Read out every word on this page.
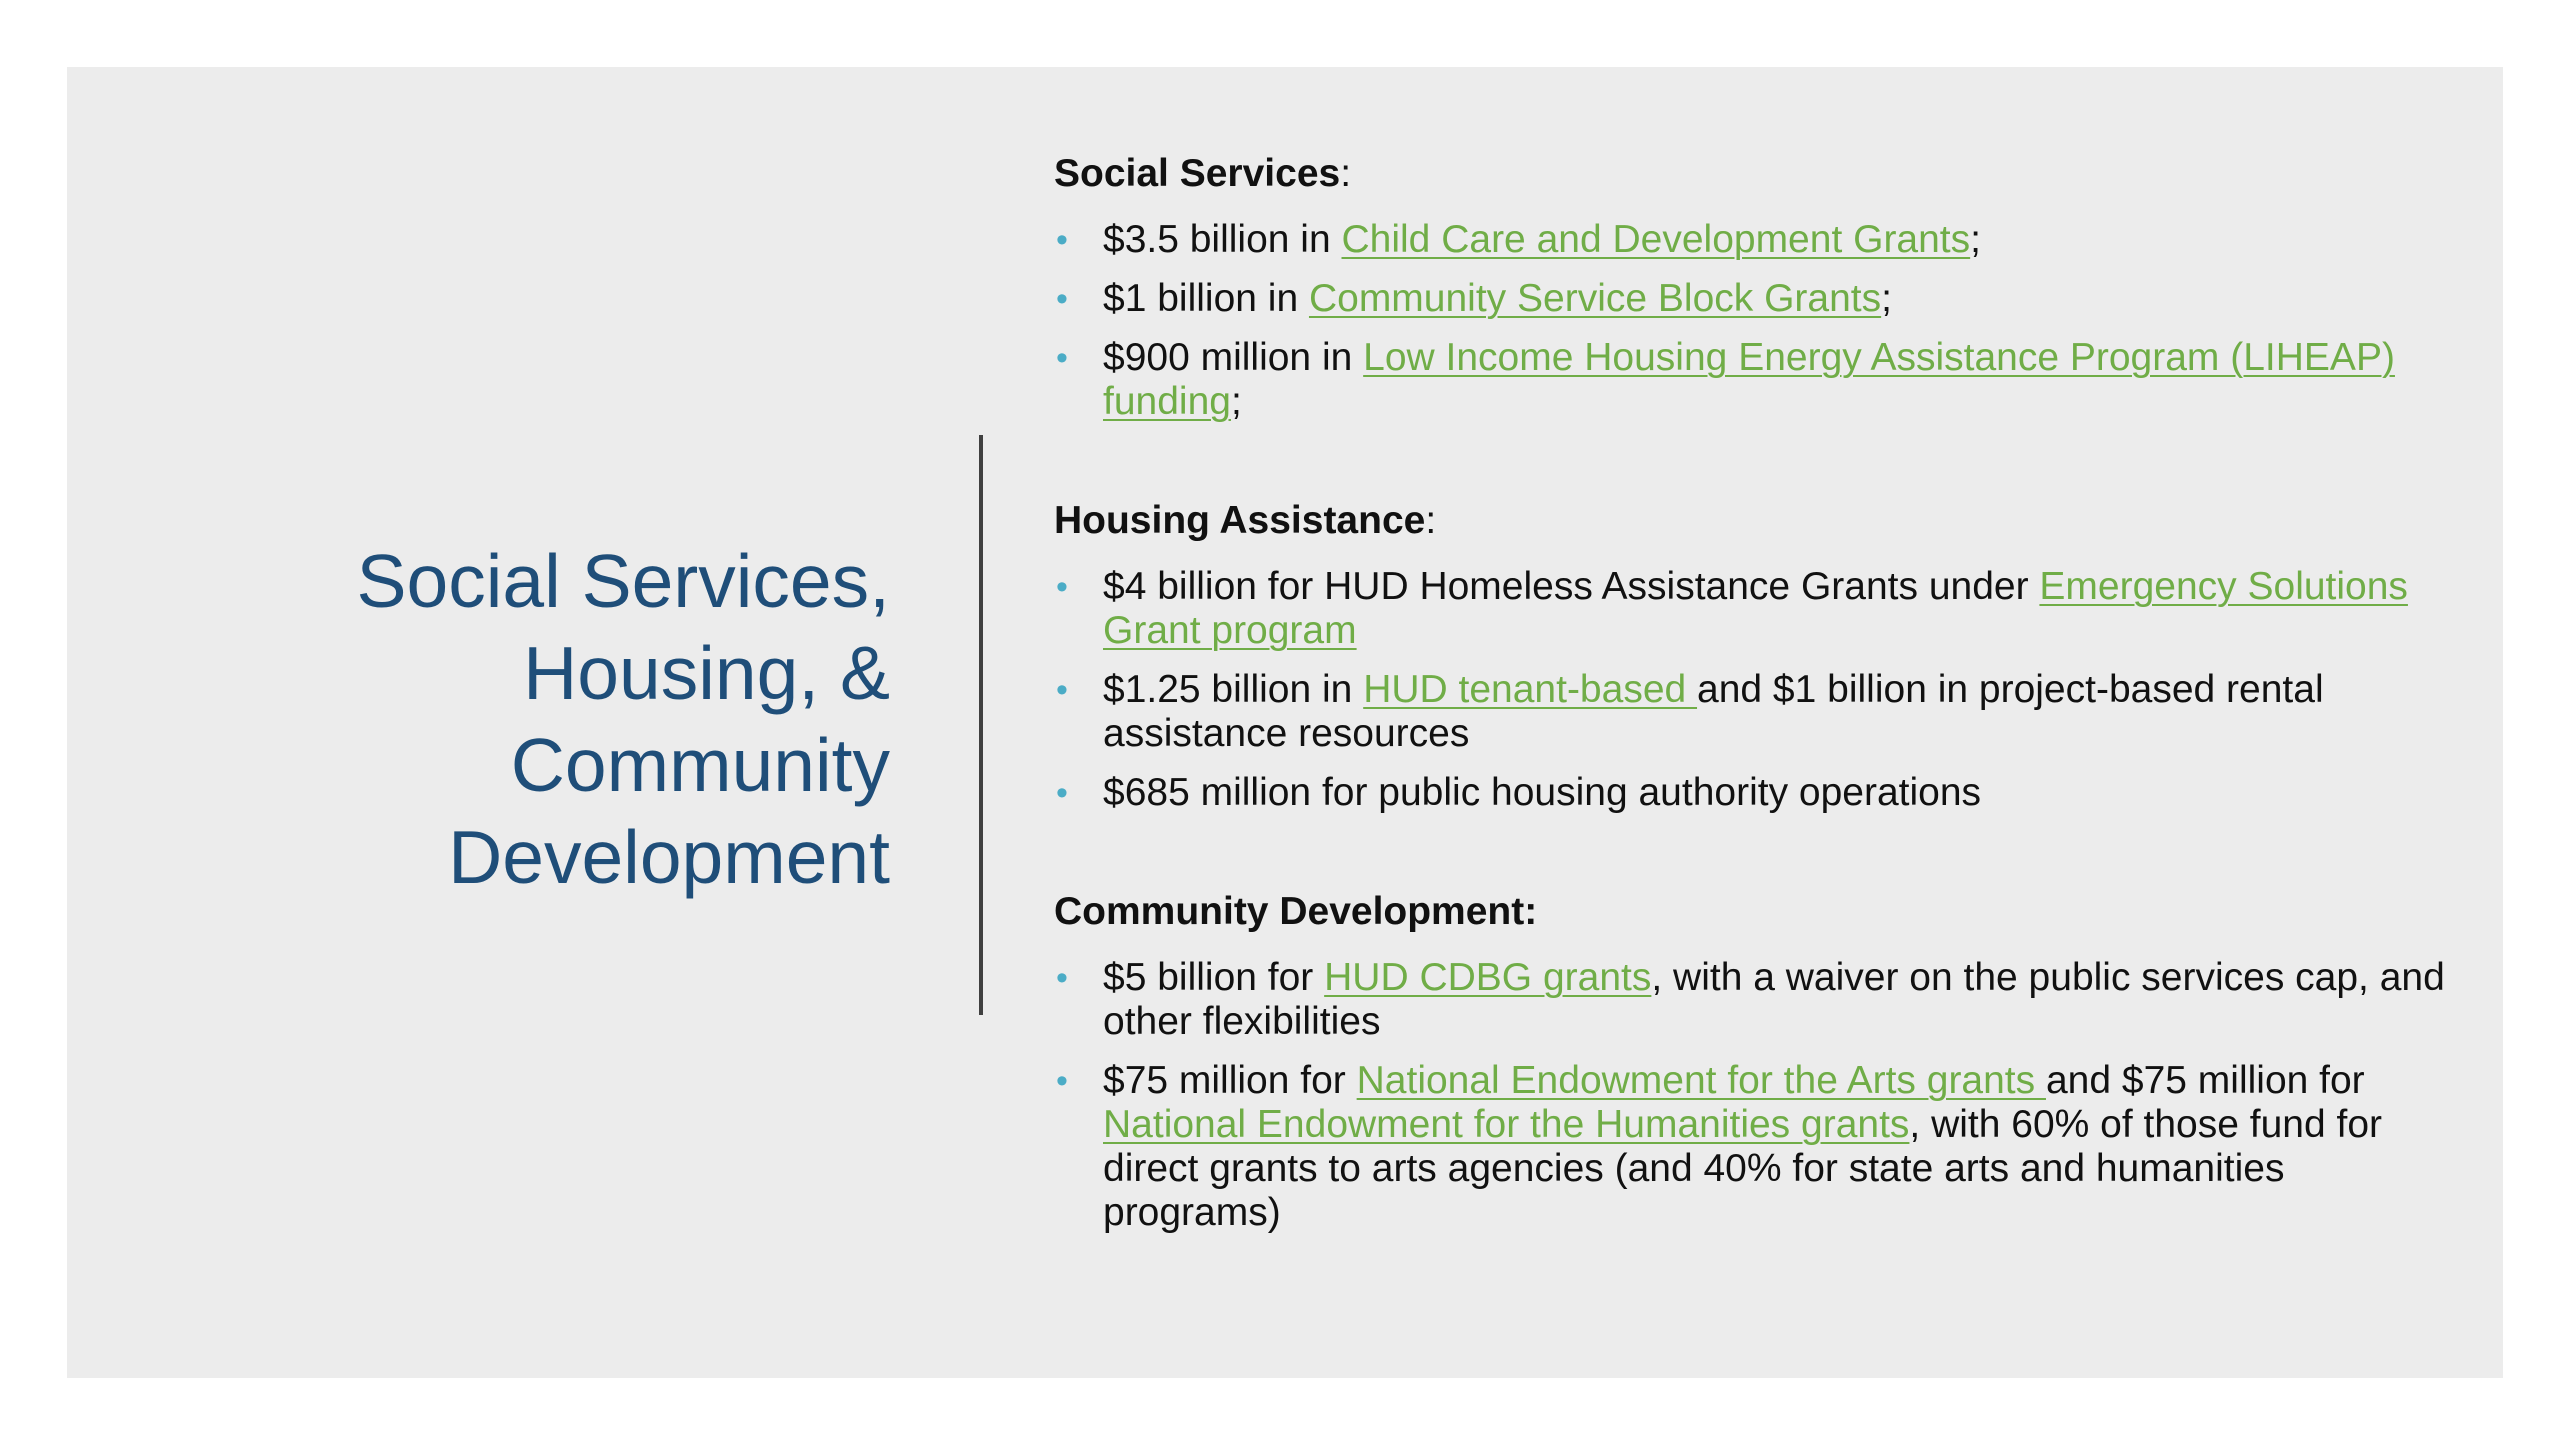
Social Services,
Housing, &
Community
Development

Social Services:

• $3.5 billion in Child Care and Development Grants;
• $1 billion in Community Service Block Grants;
• $900 million in Low Income Housing Energy Assistance Program (LIHEAP) funding;

Housing Assistance:

• $4 billion for HUD Homeless Assistance Grants under Emergency Solutions Grant program
• $1.25 billion in HUD tenant-based and $1 billion in project-based rental assistance resources
• $685 million for public housing authority operations

Community Development:

• $5 billion for HUD CDBG grants, with a waiver on the public services cap, and other flexibilities
• $75 million for National Endowment for the Arts grants and $75 million for National Endowment for the Humanities grants, with 60% of those fund for direct grants to arts agencies (and 40% for state arts and humanities programs)
